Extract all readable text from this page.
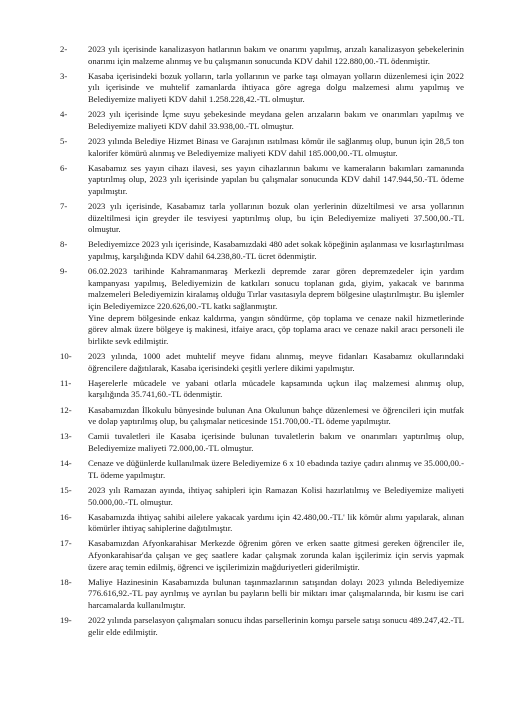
2-	2023 yılı içerisinde kanalizasyon hatlarının bakım ve onarımı yapılmış, arızalı kanalizasyon şebekelerinin onarımı için malzeme alınmış ve bu çalışmanın sonucunda KDV dahil 122.880,00.-TL ödenmiştir.
3-	Kasaba içerisindeki bozuk yolların, tarla yollarının ve parke taşı olmayan yolların düzenlemesi için 2022 yılı içerisinde ve muhtelif zamanlarda ihtiyaca göre agrega dolgu malzemesi alımı yapılmış ve Belediyemize maliyeti KDV dahil 1.258.228,42.-TL olmuştur.
4-	2023 yılı içerisinde İçme suyu şebekesinde meydana gelen arızaların bakım ve onarımları yapılmış ve Belediyemize maliyeti KDV dahil 33.938,00.-TL olmuştur.
5-	2023 yılında Belediye Hizmet Binası ve Garajının ısıtılması kömür ile sağlanmış olup, bunun için 28,5 ton kalorifer kömürü alınmış ve Belediyemize maliyeti KDV dahil 185.000,00.-TL olmuştur.
6-	Kasabamız ses yayın cihazı ilavesi, ses yayın cihazlarının bakımı ve kameraların bakımları zamanında yaptırılmış olup, 2023 yılı içerisinde yapılan bu çalışmalar sonucunda KDV dahil 147.944,50.-TL ödeme yapılmıştır.
7-	2023 yılı içerisinde, Kasabamız tarla yollarının bozuk olan yerlerinin düzeltilmesi ve arsa yollarının düzeltilmesi için greyder ile tesviyesi yaptırılmış olup, bu için Belediyemize maliyeti 37.500,00.-TL olmuştur.
8-	Belediyemizce 2023 yılı içerisinde, Kasabamızdaki 480 adet sokak köpeğinin aşılanması ve kısırlaştırılması yapılmış, karşılığında KDV dahil 64.238,80.-TL ücret ödenmiştir.
9-	06.02.2023 tarihinde Kahramanmaraş Merkezli depremde zarar gören depremzedeler için yardım kampanyası yapılmış, Belediyemizin de katkıları sonucu toplanan gıda, giyim, yakacak ve barınma malzemeleri Belediyemizin kiralamış olduğu Tırlar vasıtasıyla deprem bölgesine ulaştırılmıştır. Bu işlemler için Belediyemizce 220.626,00.-TL katkı sağlanmıştır.
Yine deprem bölgesinde enkaz kaldırma, yangın söndürme, çöp toplama ve cenaze nakil hizmetlerinde görev almak üzere bölgeye iş makinesi, itfaiye aracı, çöp toplama aracı ve cenaze nakil aracı personeli ile birlikte sevk edilmiştir.
10-	2023 yılında, 1000 adet muhtelif meyve fidanı alınmış, meyve fidanları Kasabamız okullarındaki öğrencilere dağıtılarak, Kasaba içerisindeki çeşitli yerlere dikimi yapılmıştır.
11-	Haşerelerle mücadele ve yabani otlarla mücadele kapsamında uçkun ilaç malzemesi alınmış olup, karşılığında 35.741,60.-TL ödenmiştir.
12-	Kasabamızdan İlkokulu bünyesinde bulunan Ana Okulunun bahçe düzenlemesi ve öğrencileri için mutfak ve dolap yaptırılmış olup, bu çalışmalar neticesinde 151.700,00.-TL ödeme yapılmıştır.
13-	Camii tuvaletleri ile Kasaba içerisinde bulunan tuvaletlerin bakım ve onarımları yaptırılmış olup, Belediyemize maliyeti 72.000,00.-TL olmuştur.
14-	Cenaze ve düğünlerde kullanılmak üzere Belediyemize 6 x 10 ebadında taziye çadırı alınmış ve 35.000,00.-TL ödeme yapılmıştır.
15-	2023 yılı Ramazan ayında, ihtiyaç sahipleri için Ramazan Kolisi hazırlatılmış ve Belediyemize maliyeti 50.000,00.-TL olmuştur.
16-	Kasabamızda ihtiyaç sahibi ailelere yakacak yardımı için 42.480,00.-TL' lik kömür alımı yapılarak, alınan kömürler ihtiyaç sahiplerine dağıtılmıştır.
17-	Kasabamızdan Afyonkarahisar Merkezde öğrenim gören ve erken saatte gitmesi gereken öğrenciler ile, Afyonkarahisar'da çalışan ve geç saatlere kadar çalışmak zorunda kalan işçilerimiz için servis yapmak üzere araç temin edilmiş, öğrenci ve işçilerimizin mağduriyetleri giderilmiştir.
18-	Maliye Hazinesinin Kasabamızda bulunan taşınmazlarının satışından dolayı 2023 yılında Belediyemize 776.616,92.-TL pay ayrılmış ve ayrılan bu payların belli bir miktarı imar çalışmalarında, bir kısmı ise cari harcamalarda kullanılmıştır.
19-	2022 yılında parselasyon çalışmaları sonucu ihdas parsellerinin komşu parsele satışı sonucu 489.247,42.-TL gelir elde edilmiştir.
